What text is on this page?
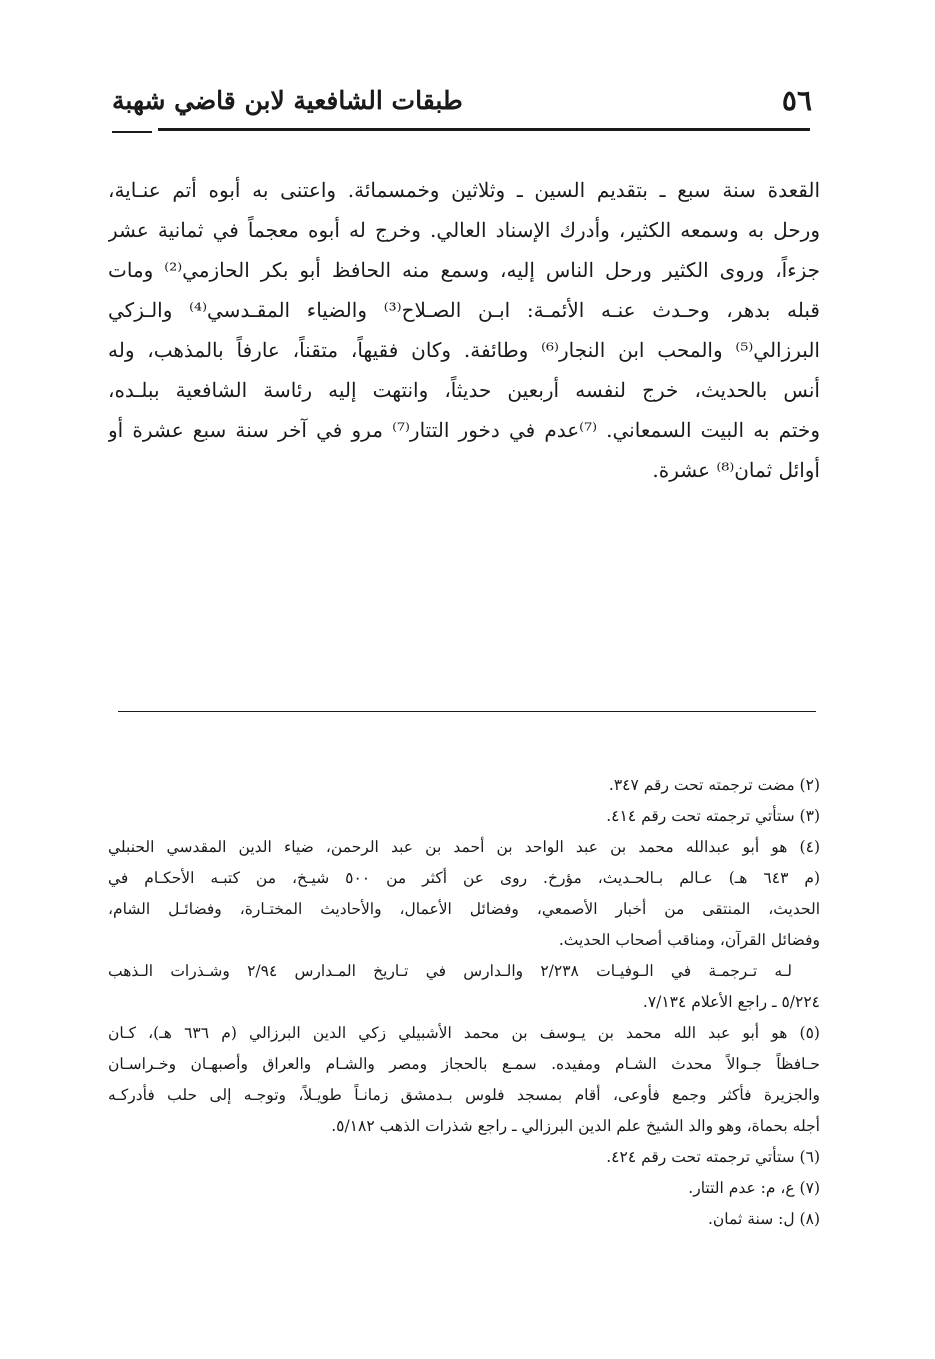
٥٦
طبقات الشافعية لابن قاضي شهبة
القعدة سنة سبع ـ بتقديم السين ـ وثلاثين وخمسمائة. واعتنى به أبوه أتم عنـاية،
ورحل به وسمعه الكثير، وأدرك الإسناد العالي. وخرج له أبوه معجماً في ثمانية عشر
جزءاً، وروى الكثير ورحل الناس إليه، وسمع منه الحافظ أبو بكر الحازمي⁽²⁾ ومات
قبله بدهر، وحـدث عنـه الأئمـة: ابـن الصـلاح⁽³⁾ والضياء المقـدسي⁽⁴⁾ والـزكي
البرزالي⁽⁵⁾ والمحب ابن النجار⁽⁶⁾ وطائفة. وكان فقيهاً، متقناً، عارفاً بالمذهب، وله
أنس بالحديث، خرج لنفسه أربعين حديثاً، وانتهت إليه رئاسة الشافعية ببلـده،
وختم به البيت السمعاني. ⁽⁷⁾عدم في دخور التتار⁽⁷⁾ مرو في آخر سنة سبع عشرة أو
أوائل ثمان⁽⁸⁾ عشرة.
(٢) مضت ترجمته تحت رقم ٣٤٧.
(٣) ستأتي ترجمته تحت رقم ٤١٤.
(٤) هو أبو عبدالله محمد بن عبد الواحد بن أحمد بن عبد الرحمن، ضياء الدين المقدسي الحنبلي
(م ٦٤٣ هـ) عـالم بـالحـديث، مؤرخ. روى عن أكثر من ٥٠٠ شيـخ، من كتبـه الأحكـام في
الحديث، المنتقى من أخبار الأصمعي، وفضائل الأعمال، والأحاديث المختـارة، وفضائـل الشام،
وفضائل القرآن، ومناقب أصحاب الحديث.
لـه تـرجمـة في الـوفيـات ٢/٢٣٨ والـدارس في تـاريخ المـدارس ٢/٩٤ وشـذرات الـذهب
٥/٢٢٤ ـ راجع الأعلام ٧/١٣٤.
(٥) هو أبو عبد الله محمد بن يـوسف بن محمد الأشبيلي زكي الدين البرزالي (م ٦٣٦ هـ)، كـان
حـافظاً جـوالاً محدث الشـام ومفيده. سمـع بالحجاز ومصر والشـام والعراق وأصبهـان وخـراسـان
والجزيرة فأكثر وجمع فأوعى، أقام بمسجد فلوس بـدمشق زمانـاً طويـلاً، وتوجـه إلى حلب فأدركـه
أجله بحماة، وهو والد الشيخ علم الدين البرزالي ـ راجع شذرات الذهب ٥/١٨٢.
(٦) ستأتي ترجمته تحت رقم ٤٢٤.
(٧) ع، م: عدم التتار.
(٨) ل: سنة ثمان.
